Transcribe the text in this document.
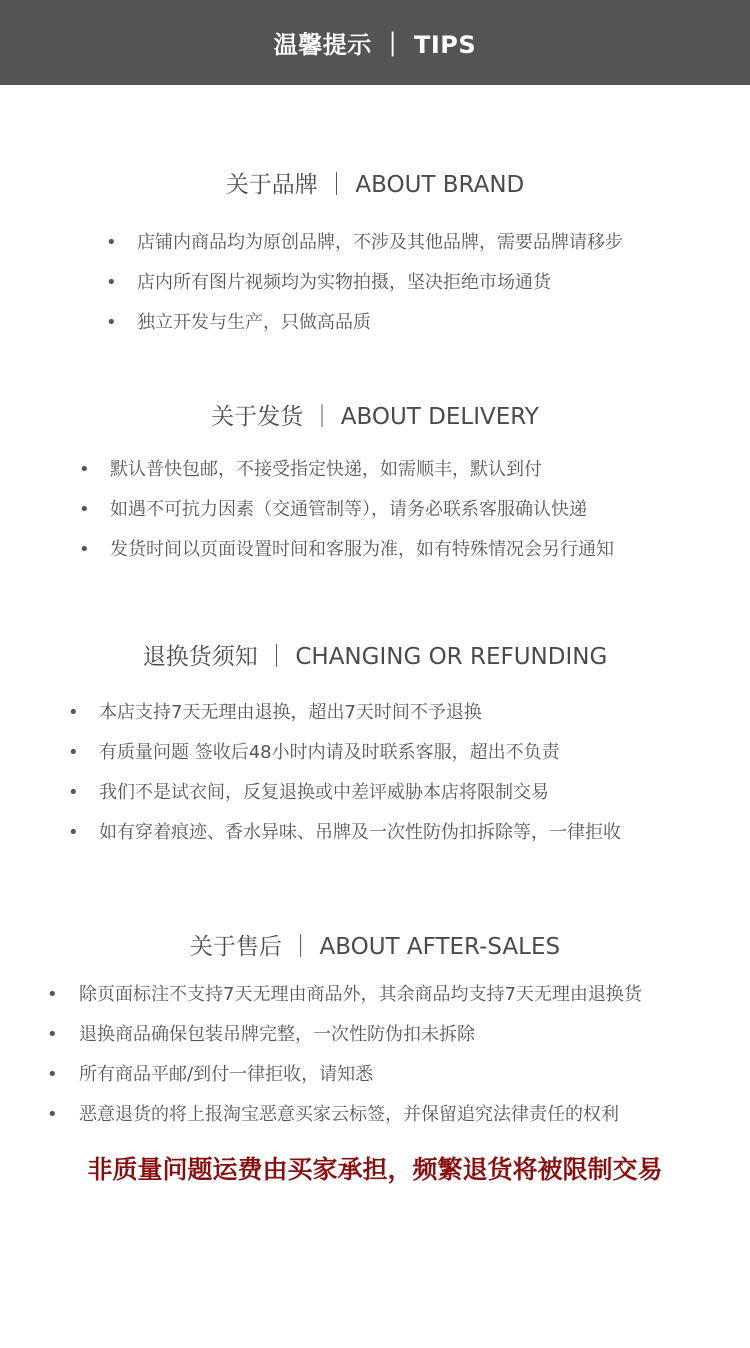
温馨提示 ｜ TIPS
关于品牌 ｜ ABOUT BRAND
• 店铺内商品均为原创品牌，不涉及其他品牌，需要品牌请移步
• 店内所有图片视频均为实物拍摄，坚决拒绝市场通货
• 独立开发与生产，只做高品质
关于发货 ｜ ABOUT DELIVERY
• 默认普快包邮，不接受指定快递，如需顺丰，默认到付
• 如遇不可抗力因素（交通管制等），请务必联系客服确认快递
• 发货时间以页面设置时间和客服为准，如有特殊情况会另行通知
退换货须知 ｜ CHANGING OR REFUNDING
• 本店支持7天无理由退换，超出7天时间不予退换
• 有质量问题 签收后48小时内请及时联系客服，超出不负责
• 我们不是试衣间，反复退换或中差评威胁本店将限制交易
• 如有穿着痕迹、香水异味、吊牌及一次性防伪扣拆除等，一律拒收
关于售后 ｜ ABOUT AFTER-SALES
• 除页面标注不支持7天无理由商品外，其余商品均支持7天无理由退换货
• 退换商品确保包装吊牌完整，一次性防伪扣未拆除
• 所有商品平邮/到付一律拒收，请知悉
• 恶意退货的将上报淘宝恶意买家云标签，并保留追究法律责任的权利
非质量问题运费由买家承担，频繁退货将被限制交易
